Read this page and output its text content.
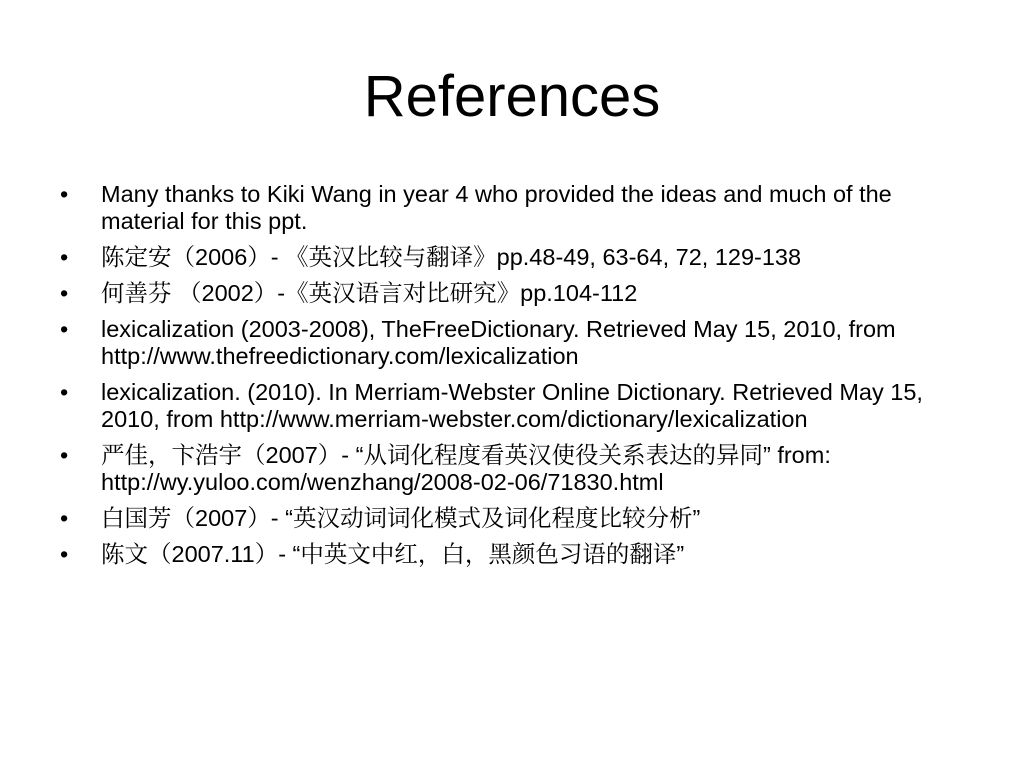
References
• Many thanks to Kiki Wang in year 4 who provided the ideas and much of the material for this ppt.
• 陈定安（2006）- 《英汉比较与翻译》pp.48-49, 63-64, 72, 129-138
• 何善芬 （2002）-《英汉语言对比研究》pp.104-112
• lexicalization (2003-2008), TheFreeDictionary. Retrieved May 15, 2010, from http://www.thefreedictionary.com/lexicalization
• lexicalization. (2010). In Merriam-Webster Online Dictionary. Retrieved May 15, 2010, from http://www.merriam-webster.com/dictionary/lexicalization
• 严佳，卞浩宇（2007）- “从词化程度看英汉使役关系表达的异同” from: http://wy.yuloo.com/wenzhang/2008-02-06/71830.html
• 白国芳（2007）- “英汉动词词化模式及词化程度比较分析”
• 陈文（2007.11）- “中英文中红，白，黑颜色习语的翻译”
